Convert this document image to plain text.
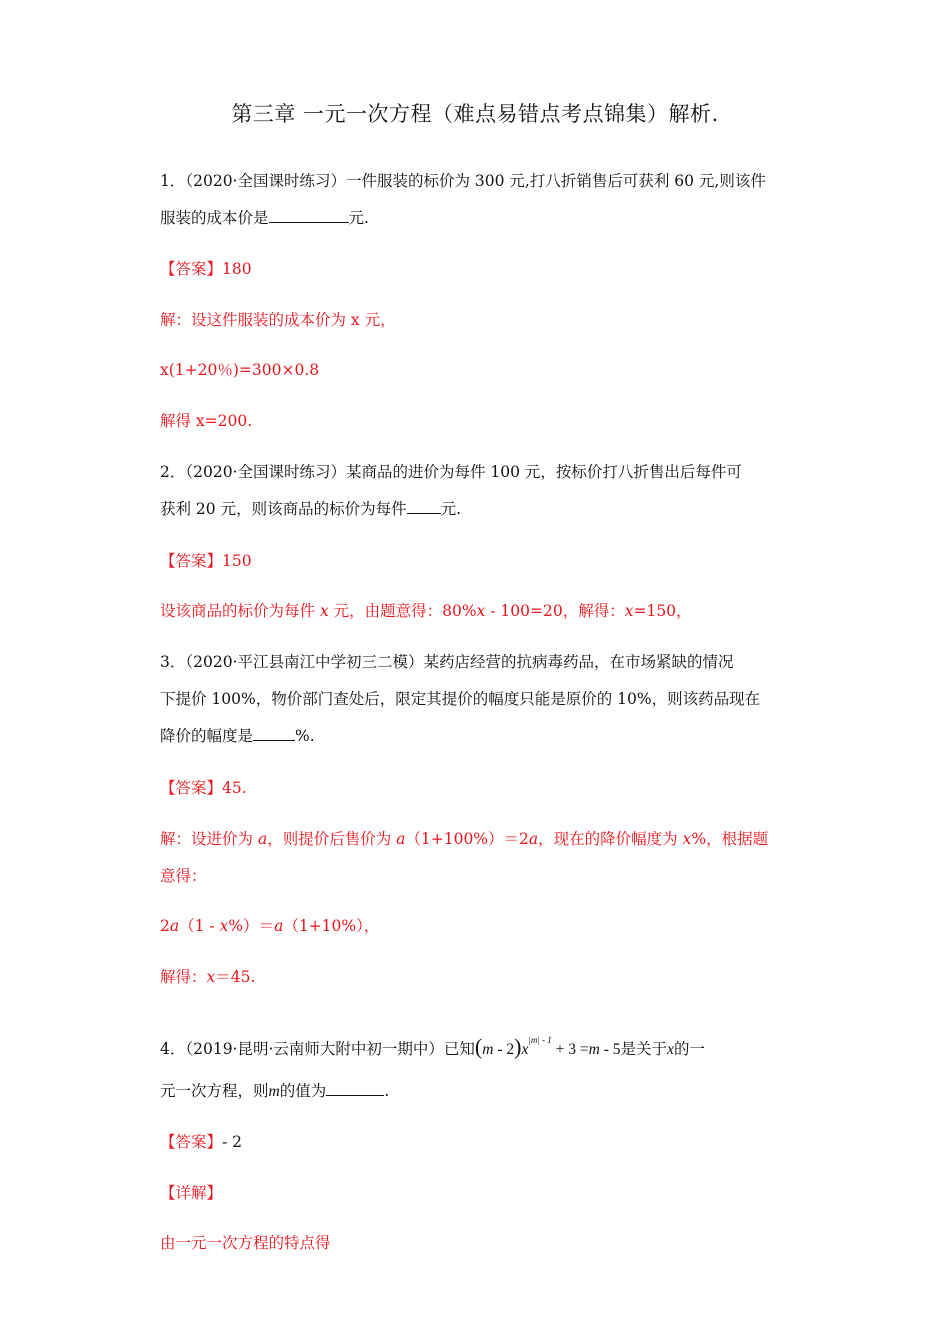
第三章 一元一次方程（难点易错点考点锦集）解析.
1．（2020·全国课时练习）一件服装的标价为 300 元,打八折销售后可获利 60 元,则该件
服装的成本价是	元.
【答案】180
解：设这件服装的成本价为 x 元，
x(1+20％)=300×0.8
解得 x=200.
2．（2020·全国课时练习）某商品的进价为每件 100 元，按标价打八折售出后每件可
获利 20 元，则该商品的标价为每件 元.
【答案】150
设该商品的标价为每件 x 元，由题意得：80%x - 100=20，解得：x=150，
3．（2020·平江县南江中学初三二模）某药店经营的抗病毒药品，在市场紧缺的情况
下提价 100%，物价部门查处后，限定其提价的幅度只能是原价的 10%，则该药品现在
降价的幅度是	%.
【答案】45.
解：设进价为 a，则提价后售价为 a（1+100%）＝2a，现在的降价幅度为 x%，根据题
意得：
2a（1 - x%）＝a（1+10%），
解得：x＝45.
4．（2019·昆明·云南师大附中初一期中）已知$(m - 2)x^{|m| - 1} + 3 =m - 5$是关于x的一
元一次方程，则m的值为	.
【答案】- 2
【详解】
由一元一次方程的特点得
